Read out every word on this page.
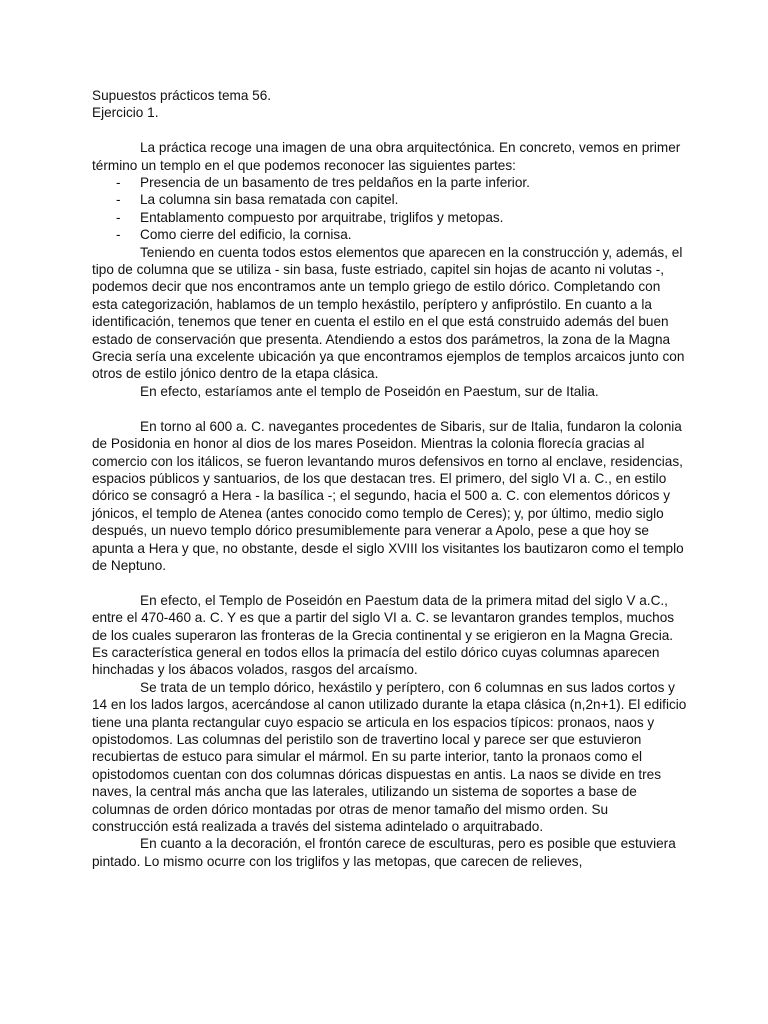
Supuestos prácticos tema 56.
Ejercicio 1.

La práctica recoge una imagen de una obra arquitectónica. En concreto, vemos en primer término un templo en el que podemos reconocer las siguientes partes:

- Presencia de un basamento de tres peldaños en la parte inferior.
- La columna sin basa rematada con capitel.
- Entablamento compuesto por arquitrabe, triglifos y metopas.
- Como cierre del edificio, la cornisa.

Teniendo en cuenta todos estos elementos que aparecen en la construcción y, además, el tipo de columna que se utiliza - sin basa, fuste estriado, capitel sin hojas de acanto ni volutas -, podemos decir que nos encontramos ante un templo griego de estilo dórico. Completando con esta categorización, hablamos de un templo hexástilo, períptero y anfipróstilo. En cuanto a la identificación, tenemos que tener en cuenta el estilo en el que está construido además del buen estado de conservación que presenta. Atendiendo a estos dos parámetros, la zona de la Magna Grecia sería una excelente ubicación ya que encontramos ejemplos de templos arcaicos junto con otros de estilo jónico dentro de la etapa clásica.

En efecto, estaríamos ante el templo de Poseidón en Paestum, sur de Italia.

En torno al 600 a. C. navegantes procedentes de Sibaris, sur de Italia, fundaron la colonia de Posidonia en honor al dios de los mares Poseidon. Mientras la colonia florecía gracias al comercio con los itálicos, se fueron levantando muros defensivos en torno al enclave, residencias, espacios públicos y santuarios, de los que destacan tres. El primero, del siglo VI a. C., en estilo dórico se consagró a Hera - la basílica -; el segundo, hacia el 500 a. C. con elementos dóricos y jónicos, el templo de Atenea (antes conocido como templo de Ceres); y, por último, medio siglo después, un nuevo templo dórico presumiblemente para venerar a Apolo, pese a que hoy se apunta a Hera y que, no obstante, desde el siglo XVIII los visitantes los bautizaron como el templo de Neptuno.

En efecto, el Templo de Poseidón en Paestum data de la primera mitad del siglo V a.C., entre el 470-460 a. C. Y es que a partir del siglo VI a. C. se levantaron grandes templos, muchos de los cuales superaron las fronteras de la Grecia continental y se erigieron en la Magna Grecia. Es característica general en todos ellos la primacía del estilo dórico cuyas columnas aparecen hinchadas y los ábacos volados, rasgos del arcaísmo.

Se trata de un templo dórico, hexástilo y períptero, con 6 columnas en sus lados cortos y 14 en los lados largos, acercándose al canon utilizado durante la etapa clásica (n,2n+1). El edificio tiene una planta rectangular cuyo espacio se articula en los espacios típicos: pronaos, naos y opistodomos. Las columnas del peristilo son de travertino local y parece ser que estuvieron recubiertas de estuco para simular el mármol. En su parte interior, tanto la pronaos como el opistodomos cuentan con dos columnas dóricas dispuestas en antis. La naos se divide en tres naves, la central más ancha que las laterales, utilizando un sistema de soportes a base de columnas de orden dórico montadas por otras de menor tamaño del mismo orden. Su construcción está realizada a través del sistema adintelado o arquitrabado.

En cuanto a la decoración, el frontón carece de esculturas, pero es posible que estuviera pintado. Lo mismo ocurre con los triglifos y las metopas, que carecen de relieves,
